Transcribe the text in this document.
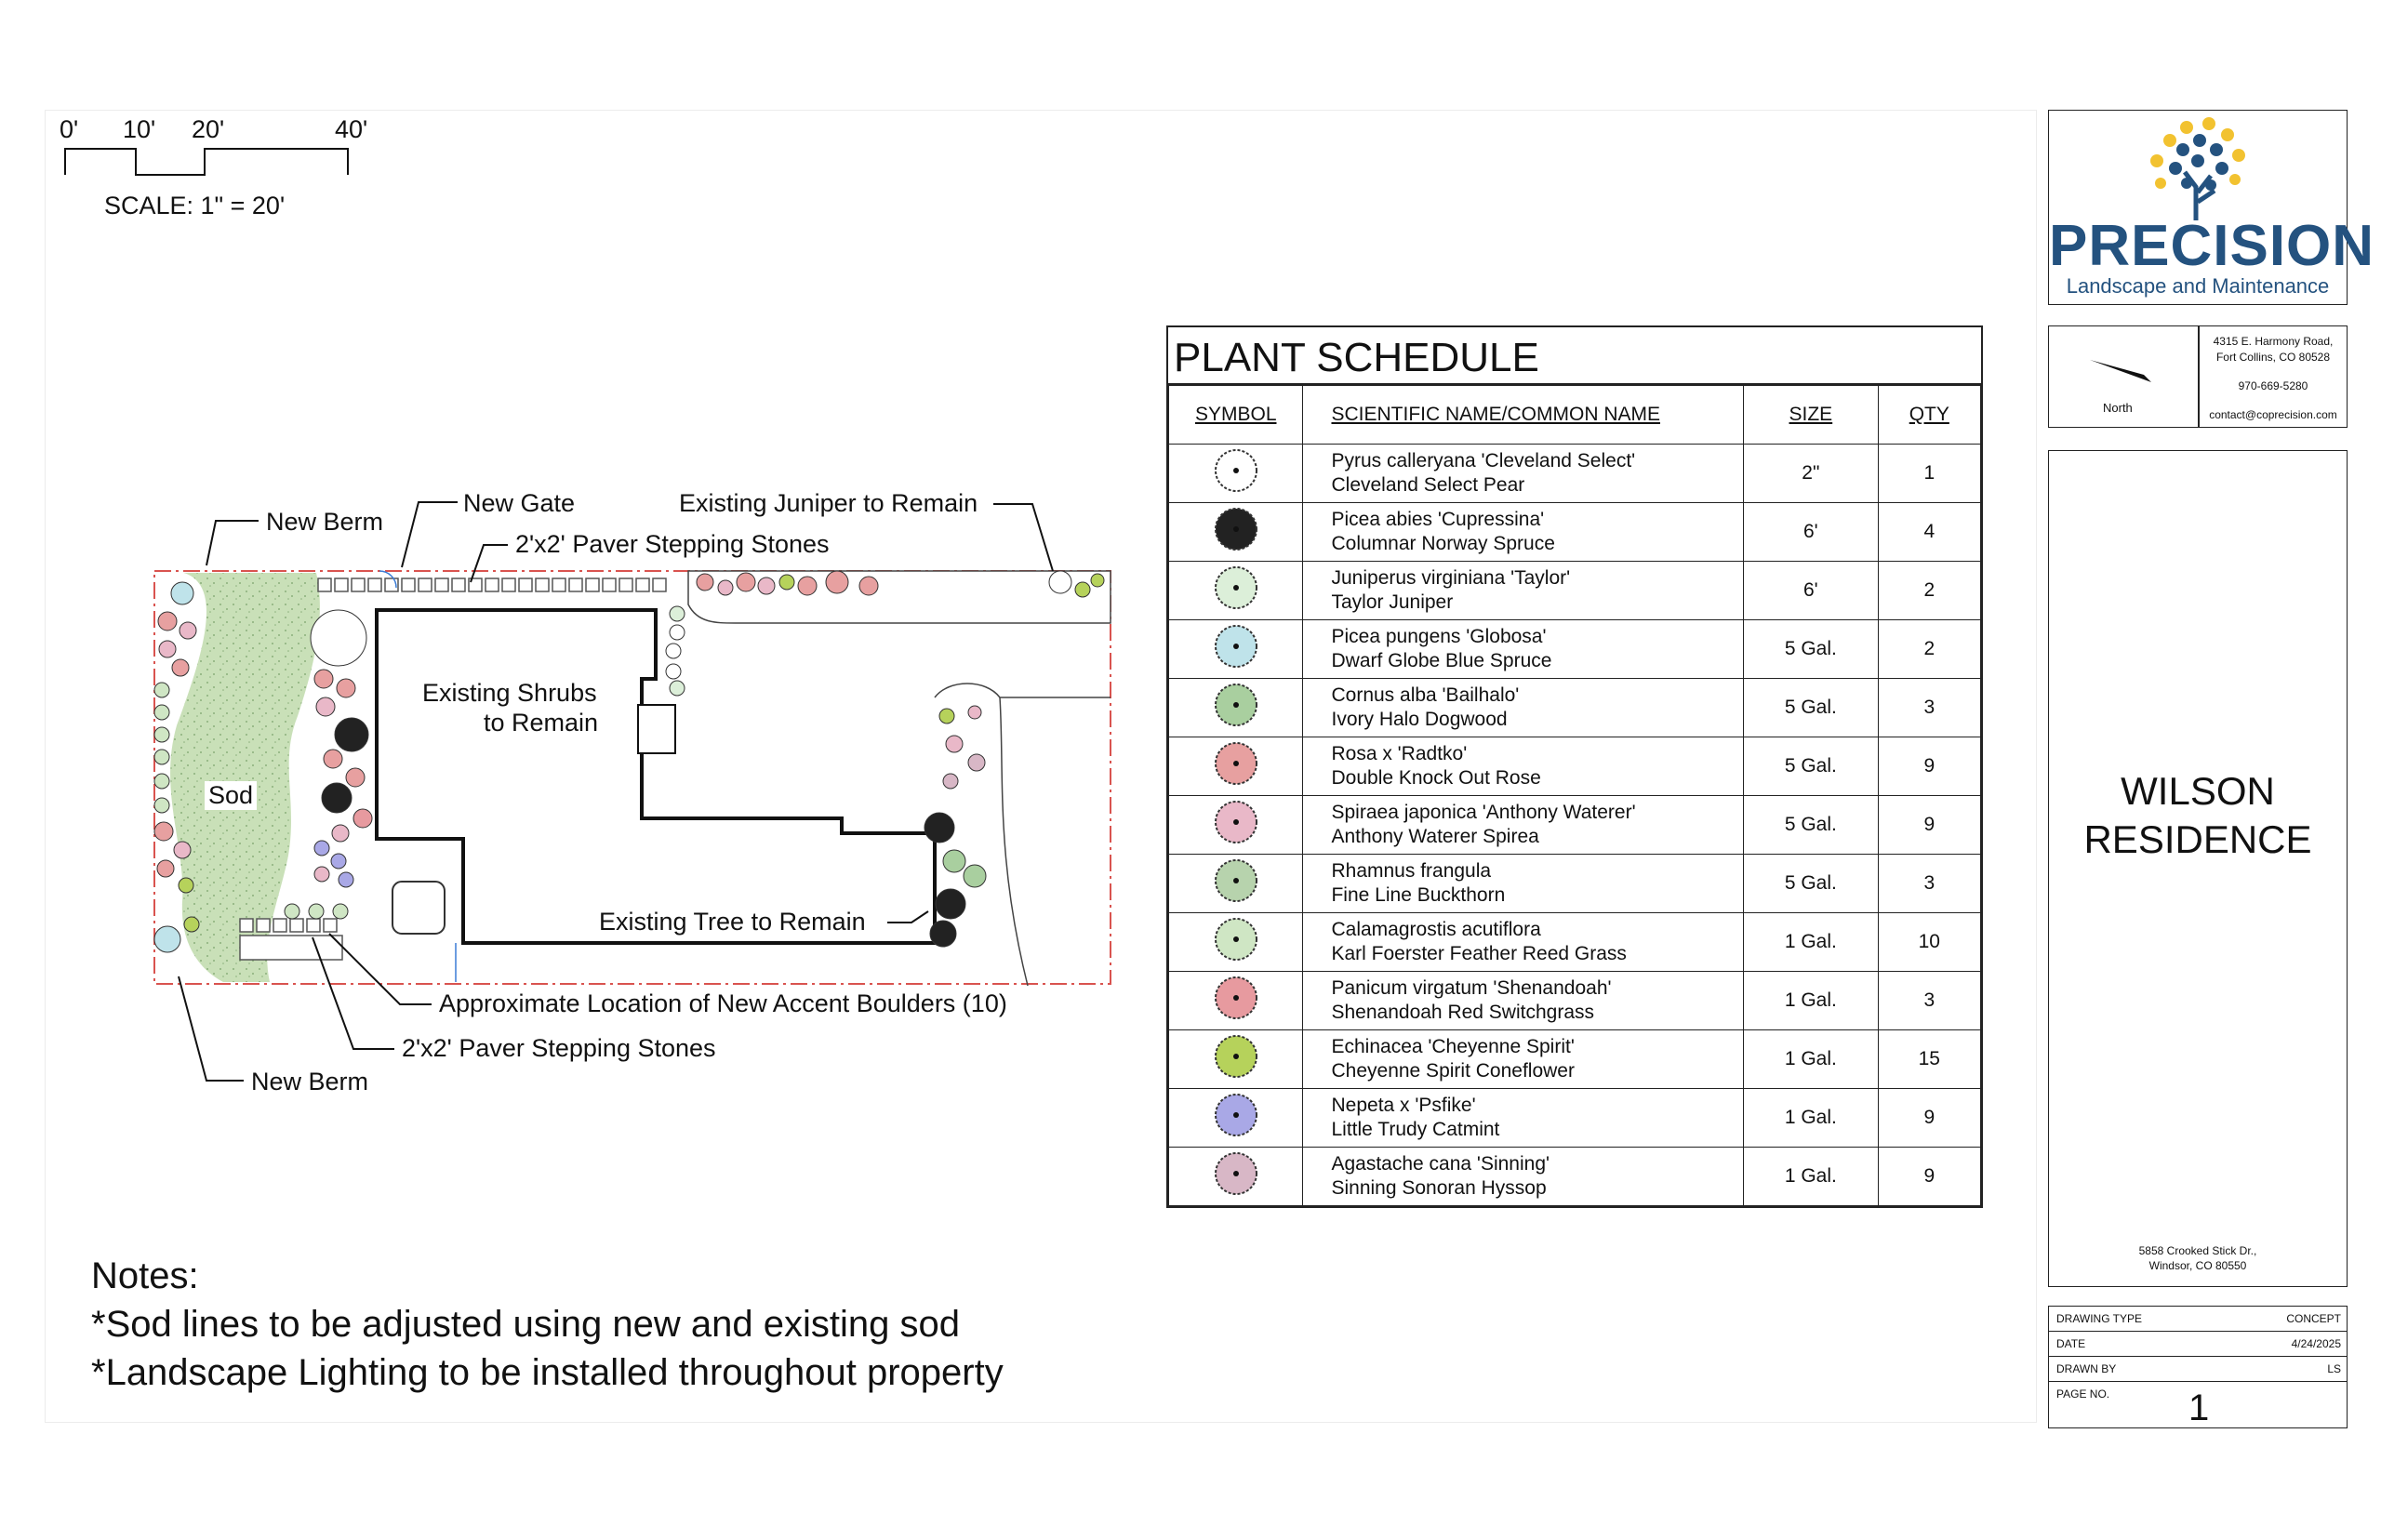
0' 10' 20'	40'
SCALE: 1" = 20'
New Berm
New Gate
2'x2' Paver Stepping Stones
Existing Juniper to Remain
Existing Shrubs
to Remain
Sod
Existing Tree to Remain
Approximate Location of New Accent Boulders (10)
2'x2' Paver Stepping Stones
New Berm
PLANT SCHEDULE
SYMBOL	SCIENTIFIC NAME/COMMON NAME	SIZE	QTY

Pyrus calleryana 'Cleveland Select'
Cleveland Select Pear	2"	1

Picea abies 'Cupressina'
Columnar Norway Spruce	6'	4

Juniperus virginiana 'Taylor'
Taylor Juniper	6'	2

Picea pungens 'Globosa'
Dwarf Globe Blue Spruce	5 Gal.	2

Cornus alba 'Bailhalo'
Ivory Halo Dogwood	5 Gal.	3

Rosa x 'Radtko'
Double Knock Out Rose	5 Gal.	9

Spiraea japonica 'Anthony Waterer'
Anthony Waterer Spirea	5 Gal.	9

Rhamnus frangula
Fine Line Buckthorn	5 Gal.	3

Calamagrostis acutiflora
Karl Foerster Feather Reed Grass	1 Gal.	10

Panicum virgatum 'Shenandoah'
Shenandoah Red Switchgrass	1 Gal.	3

Echinacea 'Cheyenne Spirit'
Cheyenne Spirit Coneflower	1 Gal.	15

Nepeta x 'Psfike'
Little Trudy Catmint	1 Gal.	9

Agastache cana 'Sinning'
Sinning Sonoran Hyssop	1 Gal.	9
Notes:
*Sod lines to be adjusted using new and existing sod
*Landscape Lighting to be installed throughout property
PRECISION
Landscape and Maintenance
North
4315 E. Harmony Road,
Fort Collins, CO 80528
970-669-5280
contact@coprecision.com
WILSON
RESIDENCE
5858 Crooked Stick Dr.,
Windsor, CO 80550
DRAWING TYPE	CONCEPT
DATE	4/24/2025
DRAWN BY	LS
PAGE NO. 1
